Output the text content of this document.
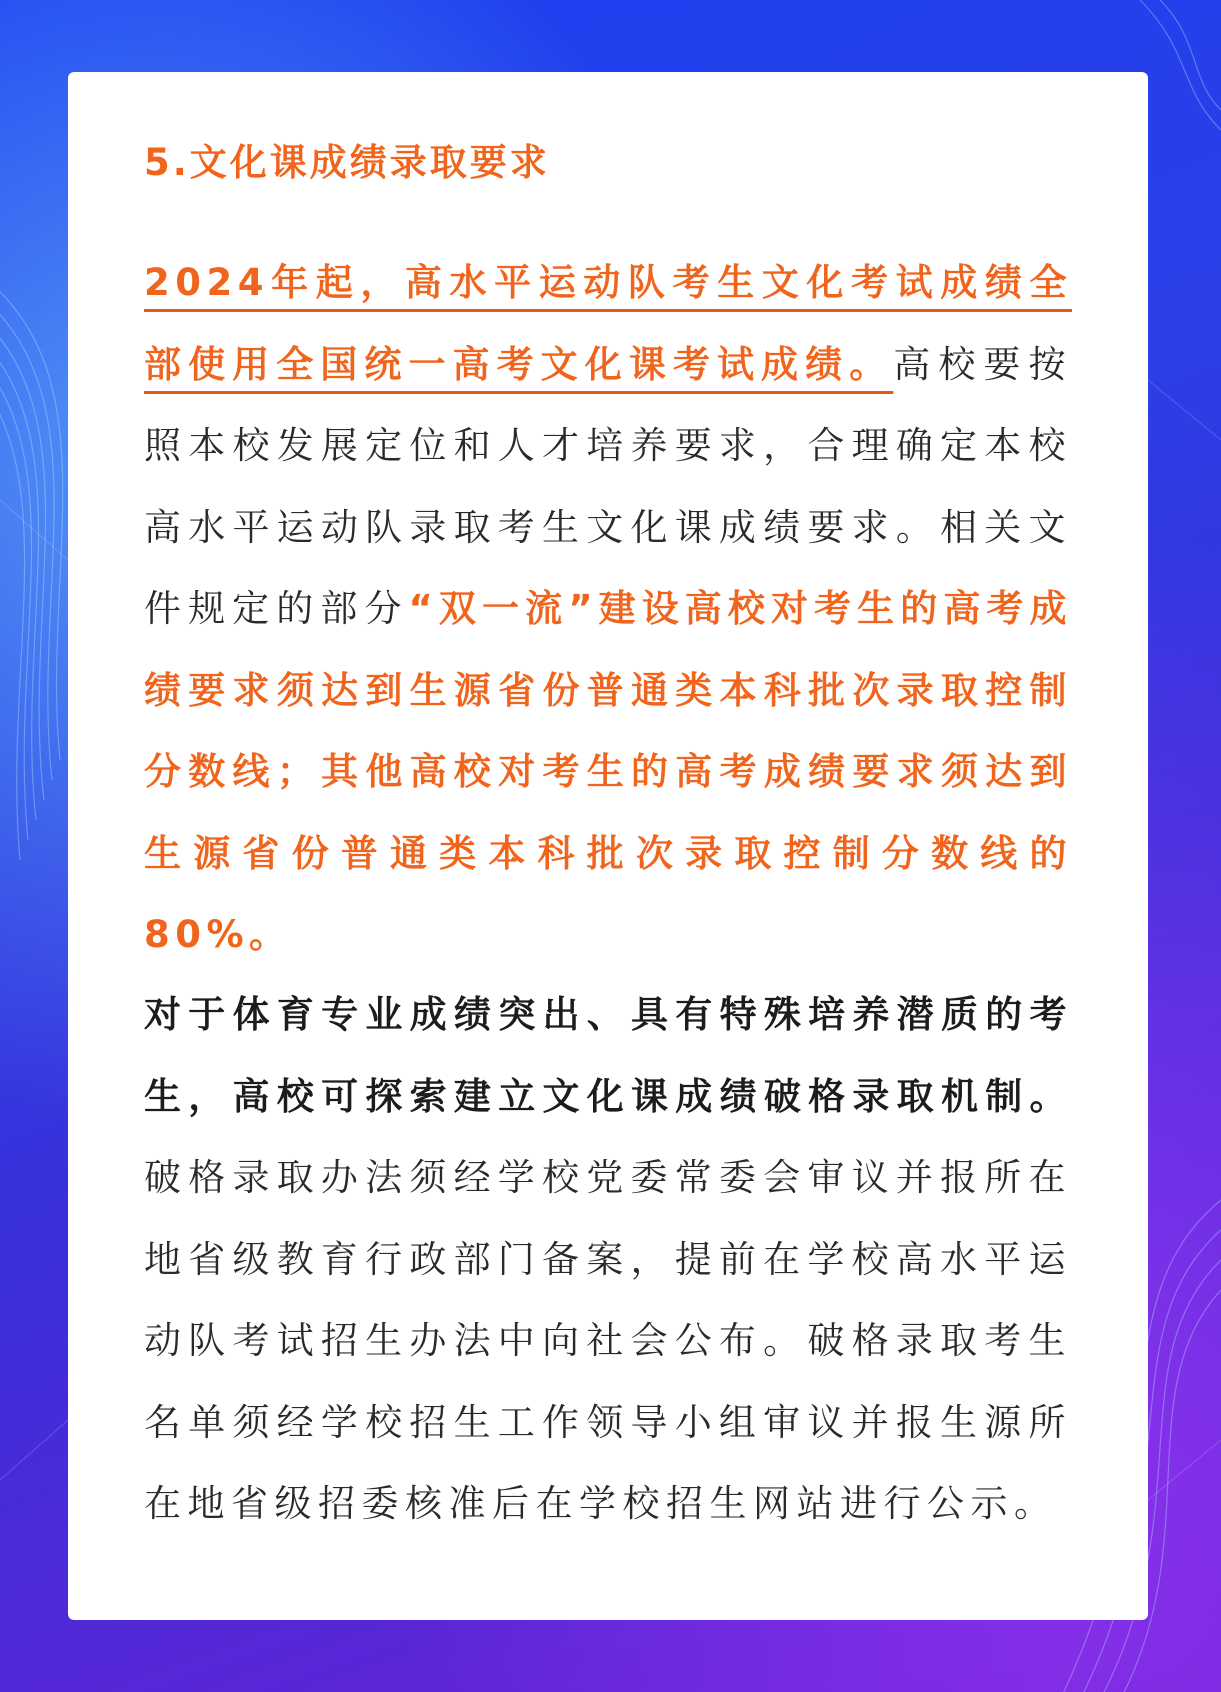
5.文化课成绩录取要求

2024年起，高水平运动队考生文化考试成绩全部使用全国统一高考文化课考试成绩。高校要按照本校发展定位和人才培养要求，合理确定本校高水平运动队录取考生文化课成绩要求。相关文件规定的部分“双一流”建设高校对考生的高考成绩要求须达到生源省份普通类本科批次录取控制分数线；其他高校对考生的高考成绩要求须达到生源省份普通类本科批次录取控制分数线的80%。

对于体育专业成绩突出、具有特殊培养潜质的考生，高校可探索建立文化课成绩破格录取机制。破格录取办法须经学校党委常委会审议并报所在地省级教育行政部门备案，提前在学校高水平运动队考试招生办法中向社会公布。破格录取考生名单须经学校招生工作领导小组审议并报生源所在地省级招委核准后在学校招生网站进行公示。
